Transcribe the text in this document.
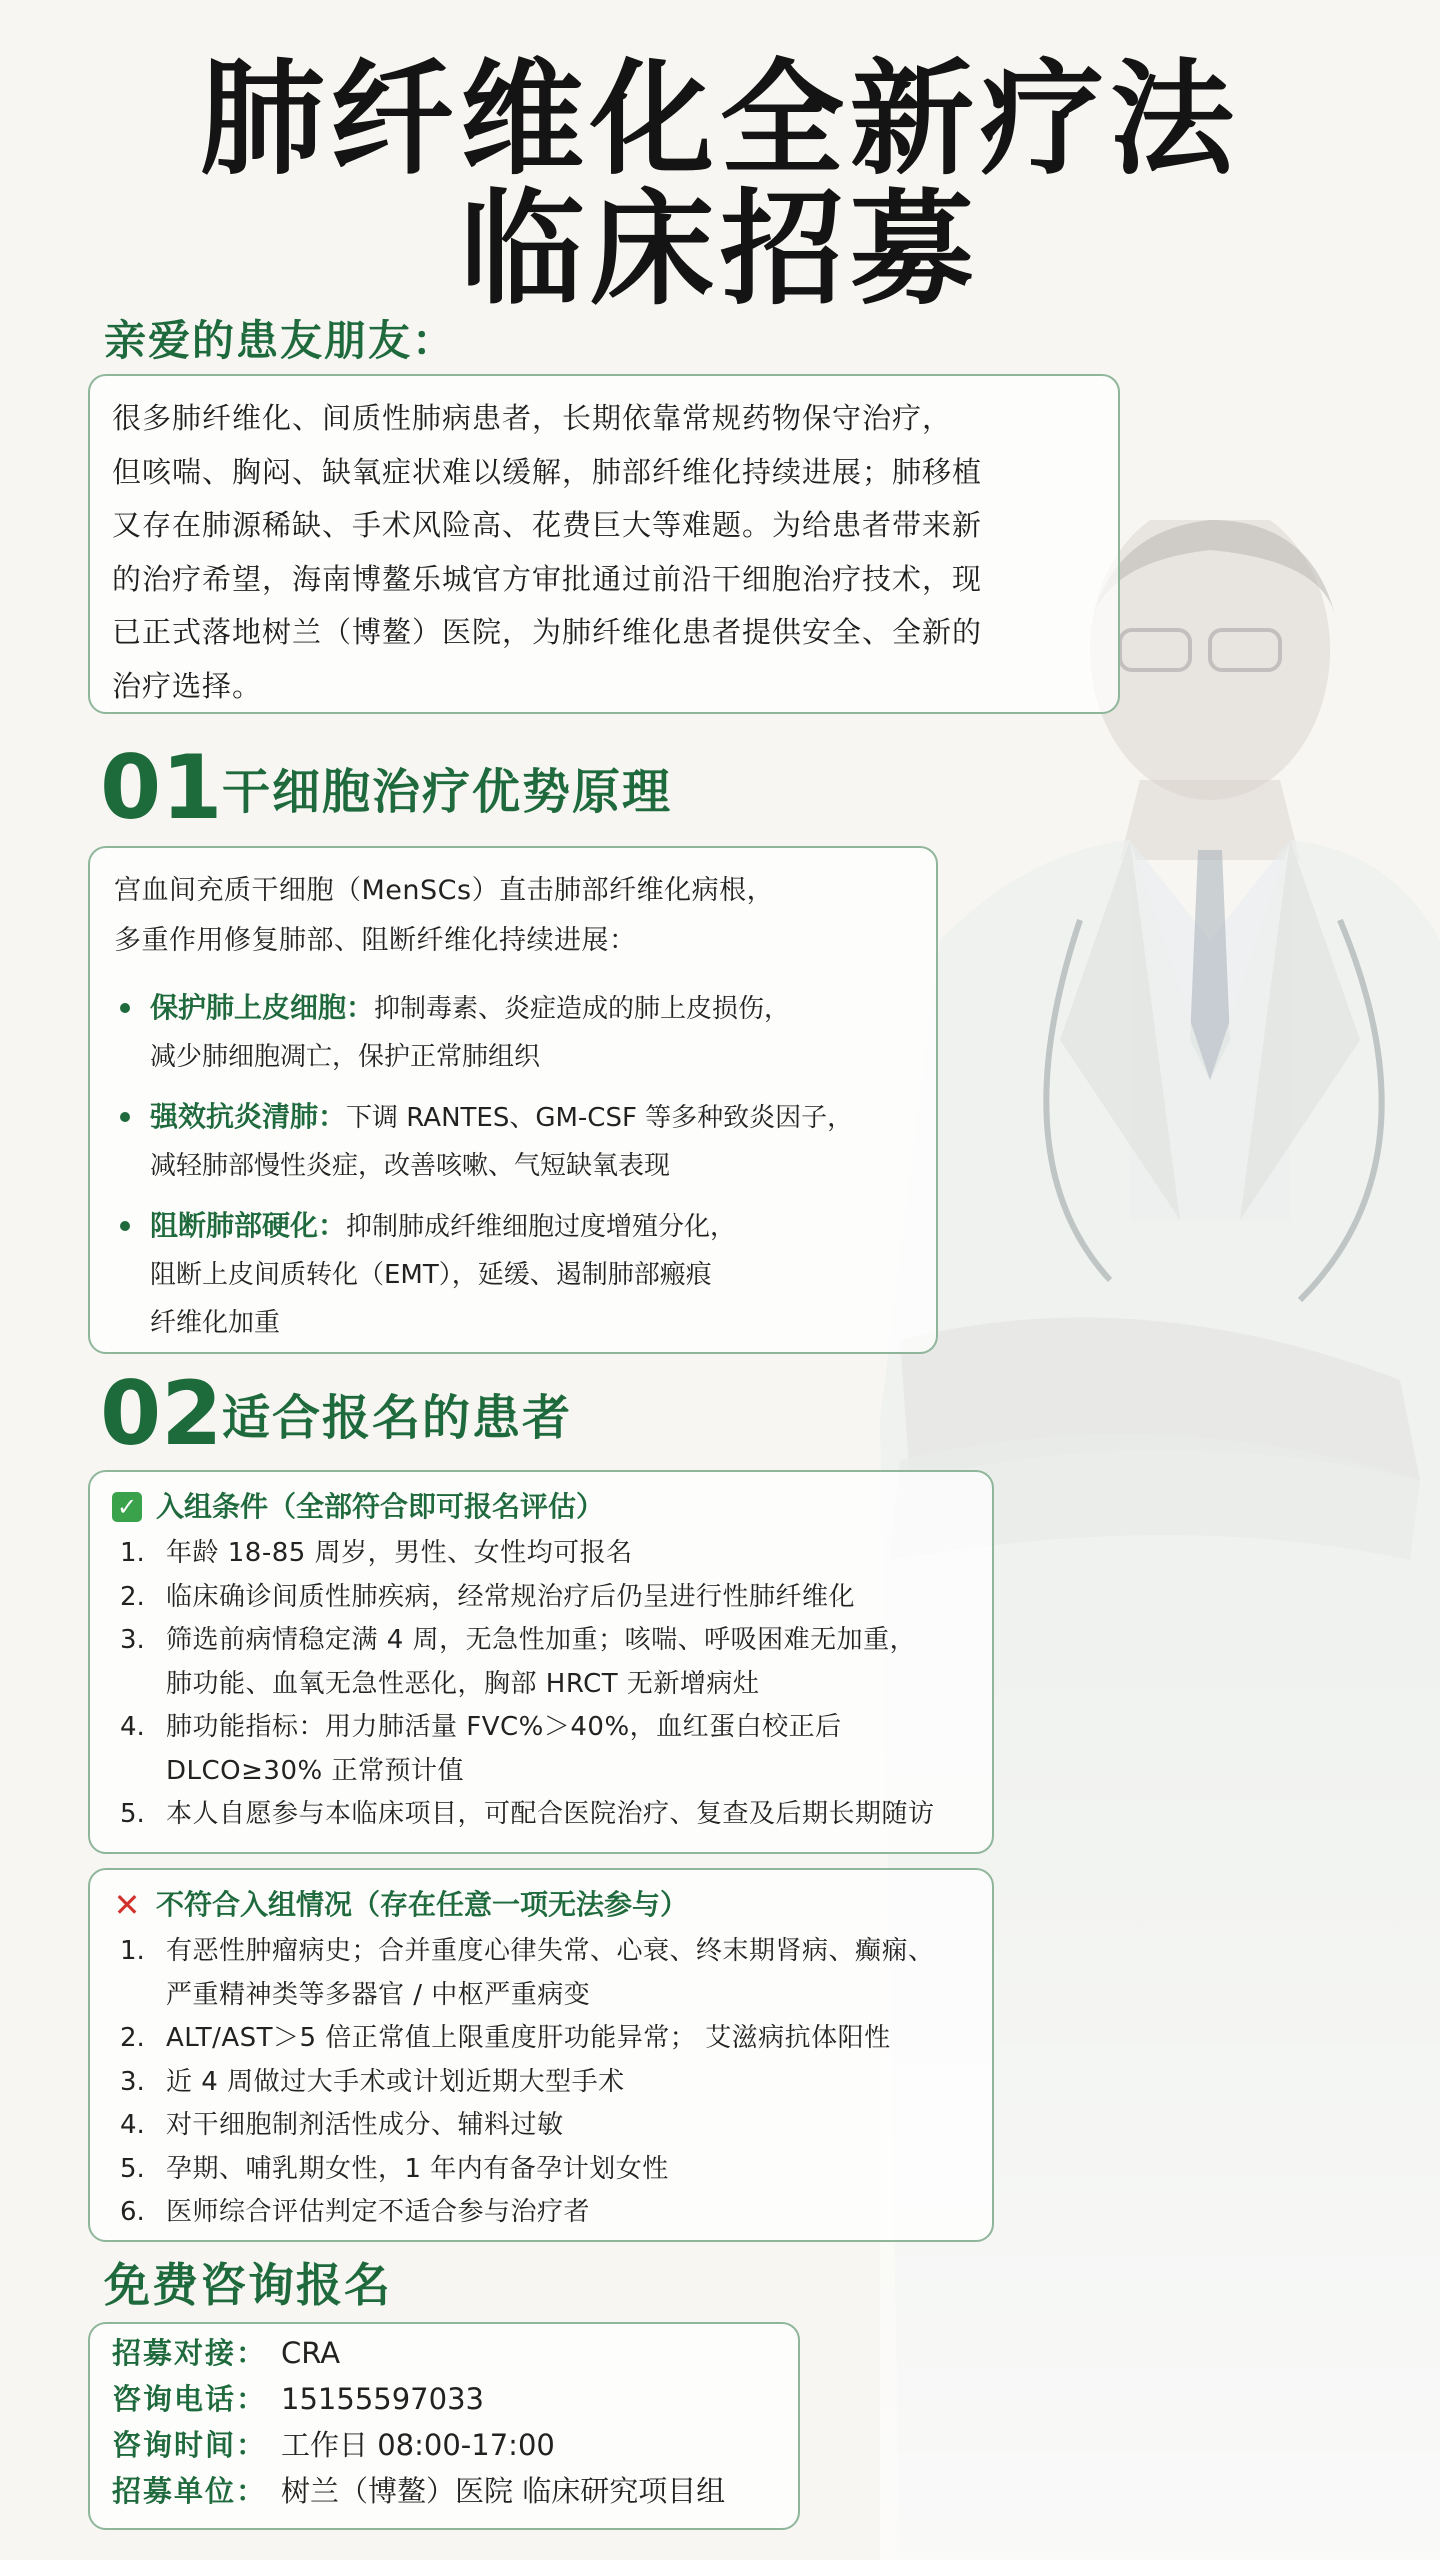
肺纤维化全新疗法
临床招募
亲爱的患友朋友：
很多肺纤维化、间质性肺病患者，长期依靠常规药物保守治疗，
但咳喘、胸闷、缺氧症状难以缓解，肺部纤维化持续进展；肺移植
又存在肺源稀缺、手术风险高、花费巨大等难题。为给患者带来新
的治疗希望，海南博鳌乐城官方审批通过前沿干细胞治疗技术，现
已正式落地树兰（博鳌）医院，为肺纤维化患者提供安全、全新的
治疗选择。
01 干细胞治疗优势原理
宫血间充质干细胞（MenSCs）直击肺部纤维化病根，
多重作用修复肺部、阻断纤维化持续进展：
保护肺上皮细胞：抑制毒素、炎症造成的肺上皮损伤，
减少肺细胞凋亡，保护正常肺组织
强效抗炎清肺：下调 RANTES、GM-CSF 等多种致炎因子，
减轻肺部慢性炎症，改善咳嗽、气短缺氧表现
阻断肺部硬化：抑制肺成纤维细胞过度增殖分化，
阻断上皮间质转化（EMT），延缓、遏制肺部瘢痕
纤维化加重
02 适合报名的患者
✓ 入组条件（全部符合即可报名评估）
1. 年龄 18-85 周岁，男性、女性均可报名
2. 临床确诊间质性肺疾病，经常规治疗后仍呈进行性肺纤维化
3. 筛选前病情稳定满 4 周，无急性加重；咳喘、呼吸困难无加重，
肺功能、血氧无急性恶化，胸部 HRCT 无新增病灶
4. 肺功能指标：用力肺活量 FVC%＞40%，血红蛋白校正后
DLCO≥30% 正常预计值
5. 本人自愿参与本临床项目，可配合医院治疗、复查及后期长期随访
✕ 不符合入组情况（存在任意一项无法参与）
1. 有恶性肿瘤病史；合并重度心律失常、心衰、终末期肾病、癫痫、
严重精神类等多器官 / 中枢严重病变
2. ALT/AST＞5 倍正常值上限重度肝功能异常； 艾滋病抗体阳性
3. 近 4 周做过大手术或计划近期大型手术
4. 对干细胞制剂活性成分、辅料过敏
5. 孕期、哺乳期女性，1 年内有备孕计划女性
6. 医师综合评估判定不适合参与治疗者
免费咨询报名
招募对接： CRA
咨询电话： 15155597033
咨询时间： 工作日 08:00-17:00
招募单位： 树兰（博鳌）医院 临床研究项目组
